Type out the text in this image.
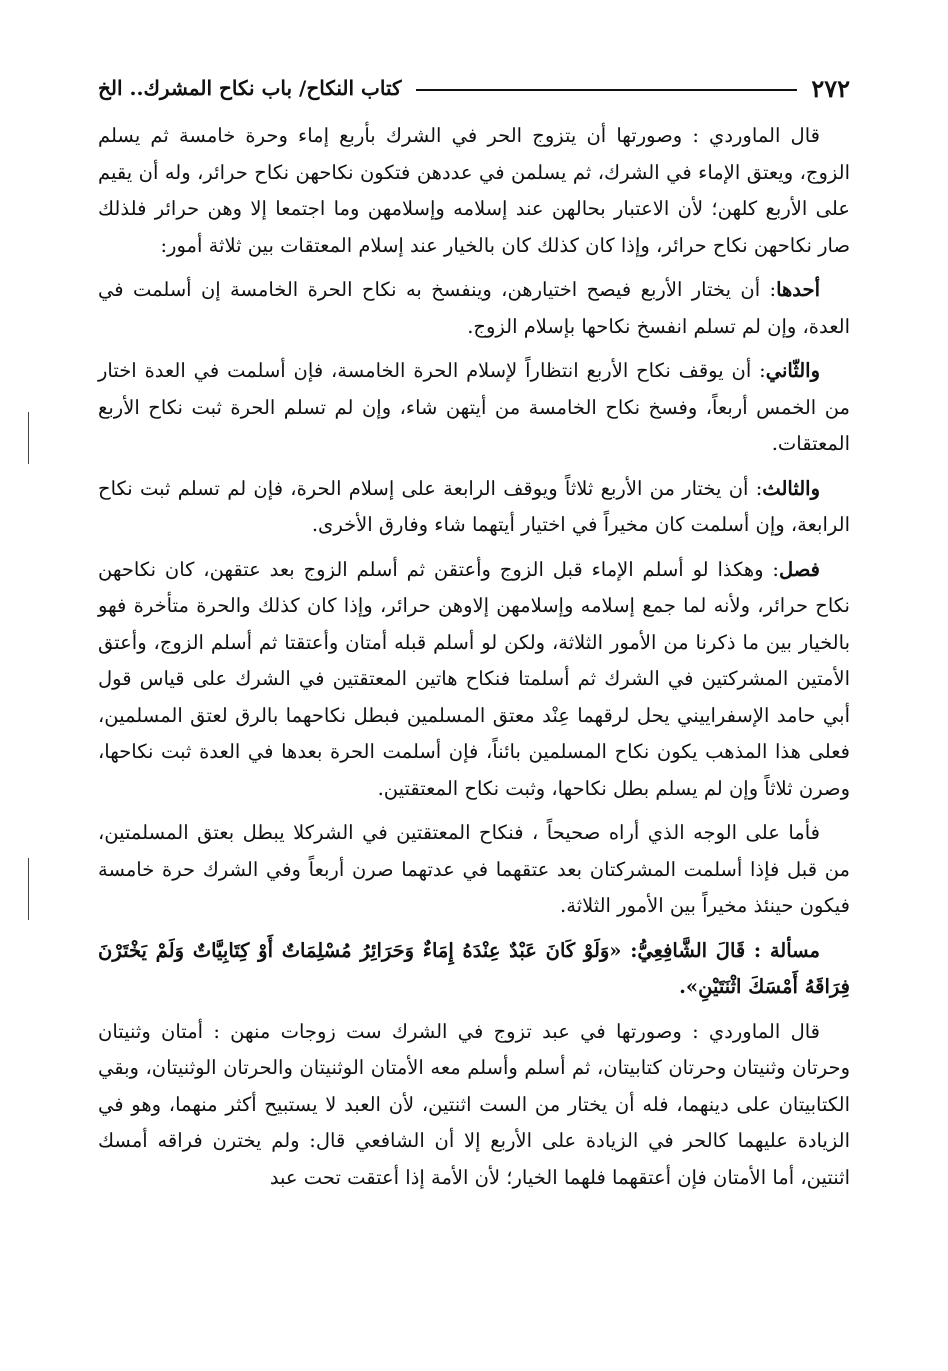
٢٧٢
كتاب النكاح/ باب نكاح المشرك.. الخ

قال الماوردي : وصورتها أن يتزوج الحر في الشرك بأربع إماء وحرة خامسة ثم يسلم الزوج، ويعتق الإماء في الشرك، ثم يسلمن في عددهن فتكون نكاحهن نكاح حرائر، وله أن يقيم على الأربع كلهن؛ لأن الاعتبار بحالهن عند إسلامه وإسلامهن وما اجتمعا إلا وهن حرائر فلذلك صار نكاحهن نكاح حرائر، وإذا كان كذلك كان بالخيار عند إسلام المعتقات بين ثلاثة أمور:

أحدها: أن يختار الأربع فيصح اختيارهن، وينفسخ به نكاح الحرة الخامسة إن أسلمت في العدة، وإن لم تسلم انفسخ نكاحها بإسلام الزوج.

والثّاني: أن يوقف نكاح الأربع انتظاراً لإسلام الحرة الخامسة، فإن أسلمت في العدة اختار من الخمس أربعاً، وفسخ نكاح الخامسة من أيتهن شاء، وإن لم تسلم الحرة ثبت نكاح الأربع المعتقات.

والثالث: أن يختار من الأربع ثلاثاً ويوقف الرابعة على إسلام الحرة، فإن لم تسلم ثبت نكاح الرابعة، وإن أسلمت كان مخيراً في اختيار أيتهما شاء وفارق الأخرى.

فصل: وهكذا لو أسلم الإماء قبل الزوج وأعتقن ثم أسلم الزوج بعد عتقهن، كان نكاحهن نكاح حرائر، ولأنه لما جمع إسلامه وإسلامهن إلاوهن حرائر، وإذا كان كذلك والحرة متأخرة فهو بالخيار بين ما ذكرنا من الأمور الثلاثة، ولكن لو أسلم قبله أمتان وأعتقتا ثم أسلم الزوج، وأعتق الأمتين المشركتين في الشرك ثم أسلمتا فنكاح هاتين المعتقتين في الشرك على قياس قول أبي حامد الإسفراييني يحل لرقهما عِنْد معتق المسلمين فبطل نكاحهما بالرق لعتق المسلمين، فعلى هذا المذهب يكون نكاح المسلمين بائناً، فإن أسلمت الحرة بعدها في العدة ثبت نكاحها، وصرن ثلاثاً وإن لم يسلم بطل نكاحها، وثبت نكاح المعتقتين.

فأما على الوجه الذي أراه صحيحاً ، فنكاح المعتقتين في الشركلا يبطل بعتق المسلمتين، من قبل فإذا أسلمت المشركتان بعد عتقهما في عدتهما صرن أربعاً وفي الشرك حرة خامسة فيكون حينئذ مخيراً بين الأمور الثلاثة.

مسألة : قَالَ الشَّافِعِيُّ: «وَلَوْ كَانَ عَبْدٌ عِنْدَهُ إِمَاءٌ وَحَرَائِرُ مُسْلِمَاتٌ أَوْ كِتَابِيَّاتٌ وَلَمْ يَخْتَرْنَ فِرَاقَهُ أَمْسَكَ اثْنَتَيْنِ».

قال الماوردي : وصورتها في عبد تزوج في الشرك ست زوجات منهن : أمتان وثنيتان وحرتان وثنيتان وحرتان كتابيتان، ثم أسلم وأسلم معه الأمتان الوثنيتان والحرتان الوثنيتان، وبقي الكتابيتان على دينهما، فله أن يختار من الست اثنتين، لأن العبد لا يستبيح أكثر منهما، وهو في الزيادة عليهما كالحر في الزيادة على الأربع إلا أن الشافعي قال: ولم يخترن فراقه أمسك اثنتين، أما الأمتان فإن أعتقهما فلهما الخيار؛ لأن الأمة إذا أعتقت تحت عبد
